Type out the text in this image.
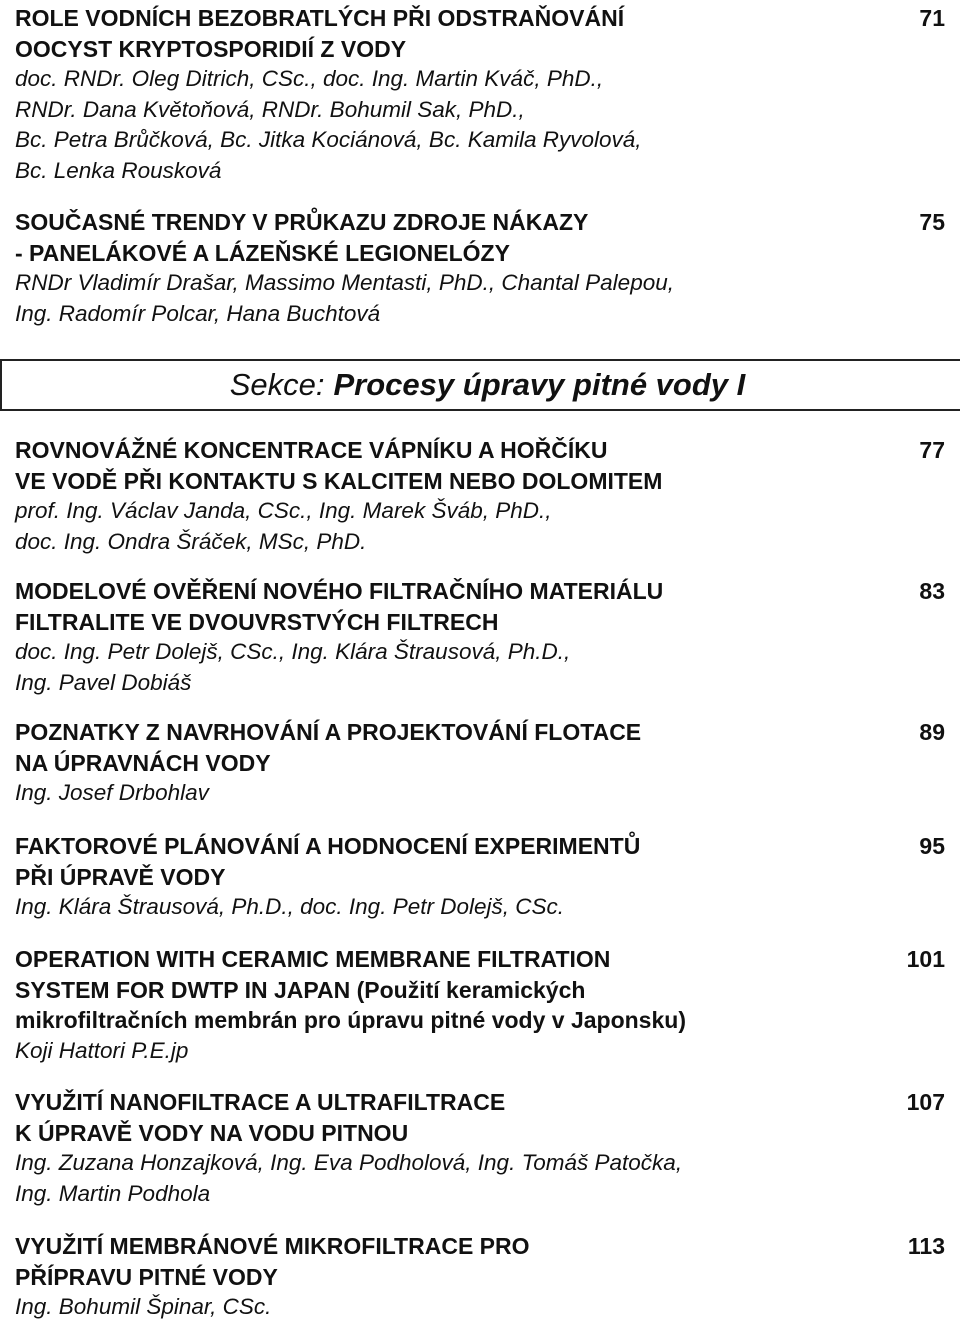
ROLE VODNÍCH BEZOBRATLÝCH PŘI ODSTRAŇOVÁNÍ
OOCYST KRYPTOSPORIDIÍ Z VODY
doc. RNDr. Oleg Ditrich, CSc., doc. Ing. Martin Kváč, PhD.,
RNDr. Dana Květoňová, RNDr. Bohumil Sak, PhD.,
Bc. Petra Brůčková, Bc. Jitka Kociánová, Bc. Kamila Ryvolová,
Bc. Lenka Rousková
71
SOUČASNÉ TRENDY V PRŮKAZU ZDROJE NÁKAZY
- PANELÁKOVÉ A LÁZEŇSKÉ LEGIONELÓZY
RNDr Vladimír Drašar, Massimo Mentasti, PhD., Chantal Palepou,
Ing. Radomír Polcar, Hana Buchtová
75
Sekce: Procesy úpravy pitné vody I
ROVNOVÁŽNÉ KONCENTRACE VÁPNÍKU A HOŘČÍKU
VE VODĚ PŘI KONTAKTU S KALCITEM NEBO DOLOMITEM
prof. Ing. Václav Janda, CSc., Ing. Marek Šváb, PhD.,
doc. Ing. Ondra Šráček, MSc, PhD.
77
MODELOVÉ OVĚŘENÍ NOVÉHO FILTRAČNÍHO MATERIÁLU
FILTRALITE VE DVOUVRSTVÝCH FILTRECH
doc. Ing. Petr Dolejš, CSc., Ing. Klára Štrausová, Ph.D.,
Ing. Pavel Dobiáš
83
POZNATKY Z NAVRHOVÁNÍ A PROJEKTOVÁNÍ FLOTACE
NA ÚPRAVNÁCH VODY
Ing. Josef Drbohlav
89
FAKTOROVÉ PLÁNOVÁNÍ A HODNOCENÍ EXPERIMENTŮ
PŘI ÚPRAVĚ VODY
Ing. Klára Štrausová, Ph.D., doc. Ing. Petr Dolejš, CSc.
95
OPERATION WITH CERAMIC MEMBRANE FILTRATION
SYSTEM FOR DWTP IN JAPAN (Použití keramických
mikrofiltračních membrán pro úpravu pitné vody v Japonsku)
Koji Hattori P.E.jp
101
VYUŽITÍ NANOFILTRACE A ULTRAFILTRACE
K ÚPRAVĚ VODY NA VODU PITNOU
Ing. Zuzana Honzajková, Ing. Eva Podholová, Ing. Tomáš Patočka,
Ing. Martin Podhola
107
VYUŽITÍ MEMBRÁNOVÉ MIKROFILTRACE PRO
PŘÍPRAVU PITNÉ VODY
Ing. Bohumil Špinar, CSc.
113
